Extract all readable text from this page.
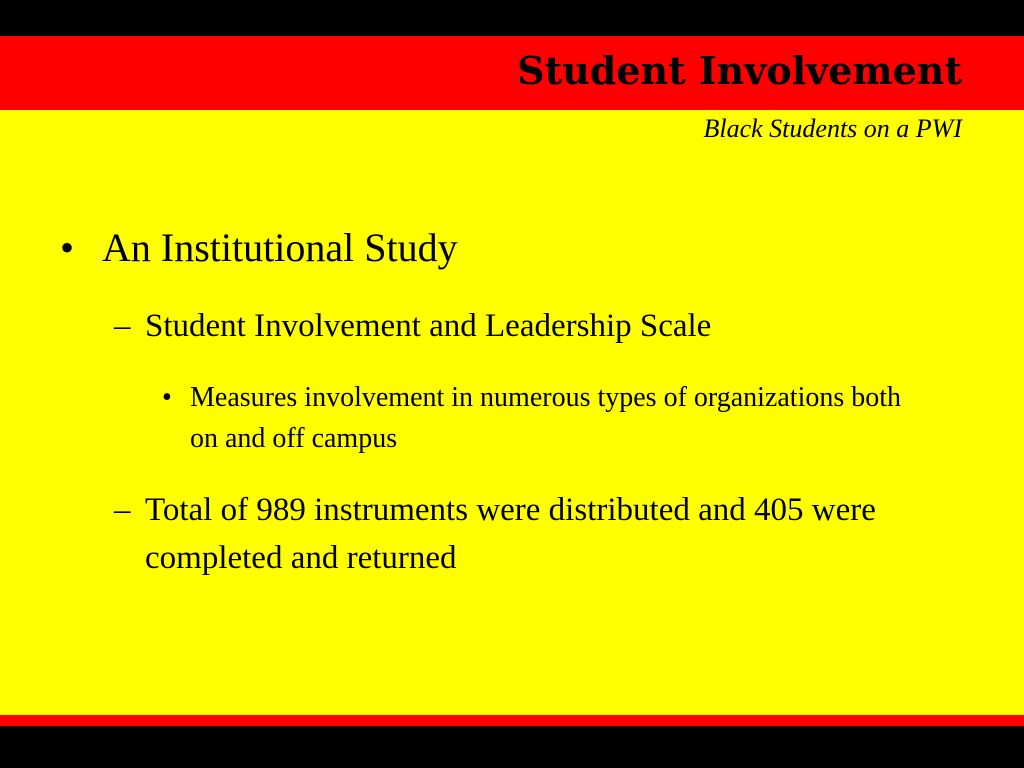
Student Involvement

Black Students on a PWI

• An Institutional Study

– Student Involvement and Leadership Scale

• Measures involvement in numerous types of organizations both on and off campus

– Total of 989 instruments were distributed and 405 were completed and returned
